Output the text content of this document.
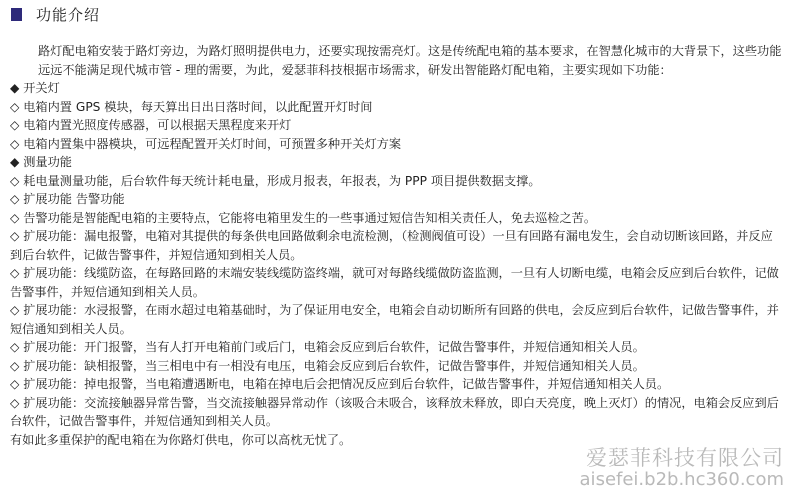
功能介绍
路灯配电箱安装于路灯旁边，为路灯照明提供电力，还要实现按需亮灯。这是传统配电箱的基本要求，在智慧化城市的大背景下，这些功能远远不能满足现代城市管 - 理的需要，为此，爱瑟菲科技根据市场需求，研发出智能路灯配电箱，主要实现如下功能：
◆ 开关灯
◇ 电箱内置 GPS 模块，每天算出日出日落时间，以此配置开灯时间
◇ 电箱内置光照度传感器，可以根据天黑程度来开灯
◇ 电箱内置集中器模块，可远程配置开关灯时间，可预置多种开关灯方案
◆ 测量功能
◇ 耗电量测量功能，后台软件每天统计耗电量，形成月报表，年报表，为 PPP 项目提供数据支撑。
◇ 扩展功能 告警功能
◇ 告警功能是智能配电箱的主要特点，它能将电箱里发生的一些事通过短信告知相关责任人，免去巡检之苦。
◇ 扩展功能：漏电报警，电箱对其提供的每条供电回路做剩余电流检测，（检测阀值可设）一旦有回路有漏电发生，会自动切断该回路，并反应到后台软件，记做告警事件，并短信通知到相关人员。
◇ 扩展功能：线缆防盗，在每路回路的末端安装线缆防盗终端，就可对每路线缆做防盗监测，一旦有人切断电缆，电箱会反应到后台软件，记做告警事件，并短信通知到相关人员。
◇ 扩展功能：水浸报警，在雨水超过电箱基础时，为了保证用电安全，电箱会自动切断所有回路的供电，会反应到后台软件，记做告警事件，并短信通知到相关人员。
◇ 扩展功能：开门报警，当有人打开电箱前门或后门，电箱会反应到后台软件，记做告警事件，并短信通知相关人员。
◇ 扩展功能：缺相报警，当三相电中有一相没有电压，电箱会反应到后台软件，记做告警事件，并短信通知相关人员。
◇ 扩展功能：掉电报警，当电箱遭遇断电，电箱在掉电后会把情况反应到后台软件，记做告警事件，并短信通知相关人员。
◇ 扩展功能：交流接触器异常告警，当交流接触器异常动作（该吸合未吸合，该释放未释放，即白天亮度，晚上灭灯）的情况，电箱会反应到后台软件，记做告警事件，并短信通知到相关人员。
有如此多重保护的配电箱在为你路灯供电，你可以高枕无忧了。
爱瑟菲科技有限公司
aisefei.b2b.hc360.com
